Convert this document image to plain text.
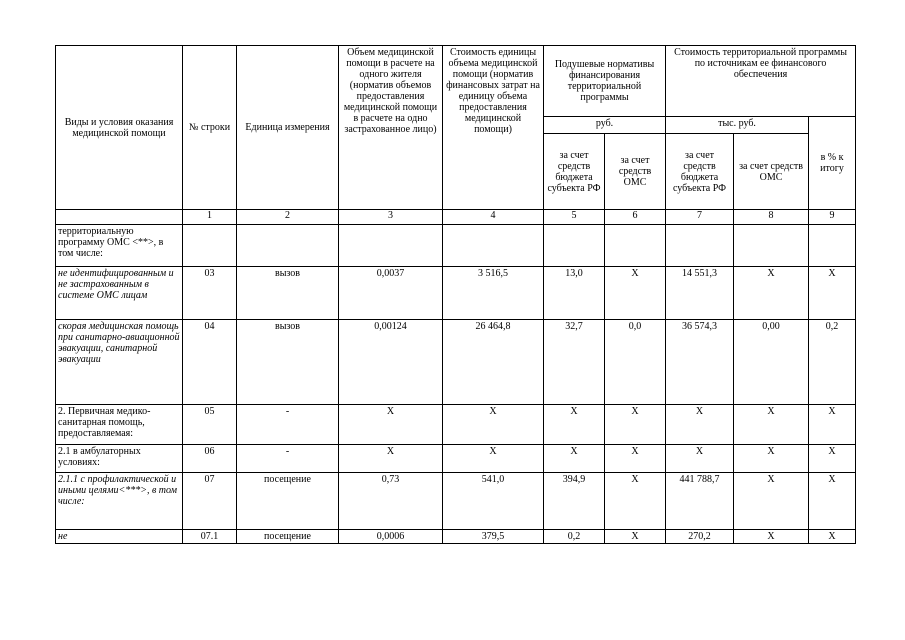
Виды и условия оказания медицинской помощи	№ строки	Единица измерения	Объем медицинской помощи в расчете на одного жителя (норматив объемов предоставления медицинской помощи в расчете на одно застрахованное лицо)	Стоимость единицы объема медицинской помощи (норматив финансовых затрат на единицу объема предоставления медицинской помощи)	Подушевые нормативы финансирования территориальной программы		Стоимость территориальной программы по источникам ее финансового обеспечения		
					руб.		тыс. руб.		в % к итогу
					за счет средств бюджета субъекта РФ	за счет средств ОМС	за счет средств бюджета субъекта РФ	за счет средств ОМС	
	1	2	3	4	5	6	7	8	9
территориальную программу ОМС <**>, в том числе:									
не идентифицированным и не застрахованным в системе ОМС лицам	03	вызов	0,0037	3 516,5	13,0	X	14 551,3	X	X
скорая медицинская помощь при санитарно-авиационной эвакуации, санитарной эвакуации	04	вызов	0,00124	26 464,8	32,7	0,0	36 574,3	0,00	0,2
2. Первичная медико-санитарная помощь, предоставляемая:	05	-	X	X	X	X	X	X	X
2.1 в амбулаторных условиях:	06	-	X	X	X	X	X	X	X
2.1.1 с профилактической и иными целями<***>, в том числе:	07	посещение	0,73	541,0	394,9	X	441 788,7	X	X
не	07.1	посещение	0,0006	379,5	0,2	X	270,2	X	X
